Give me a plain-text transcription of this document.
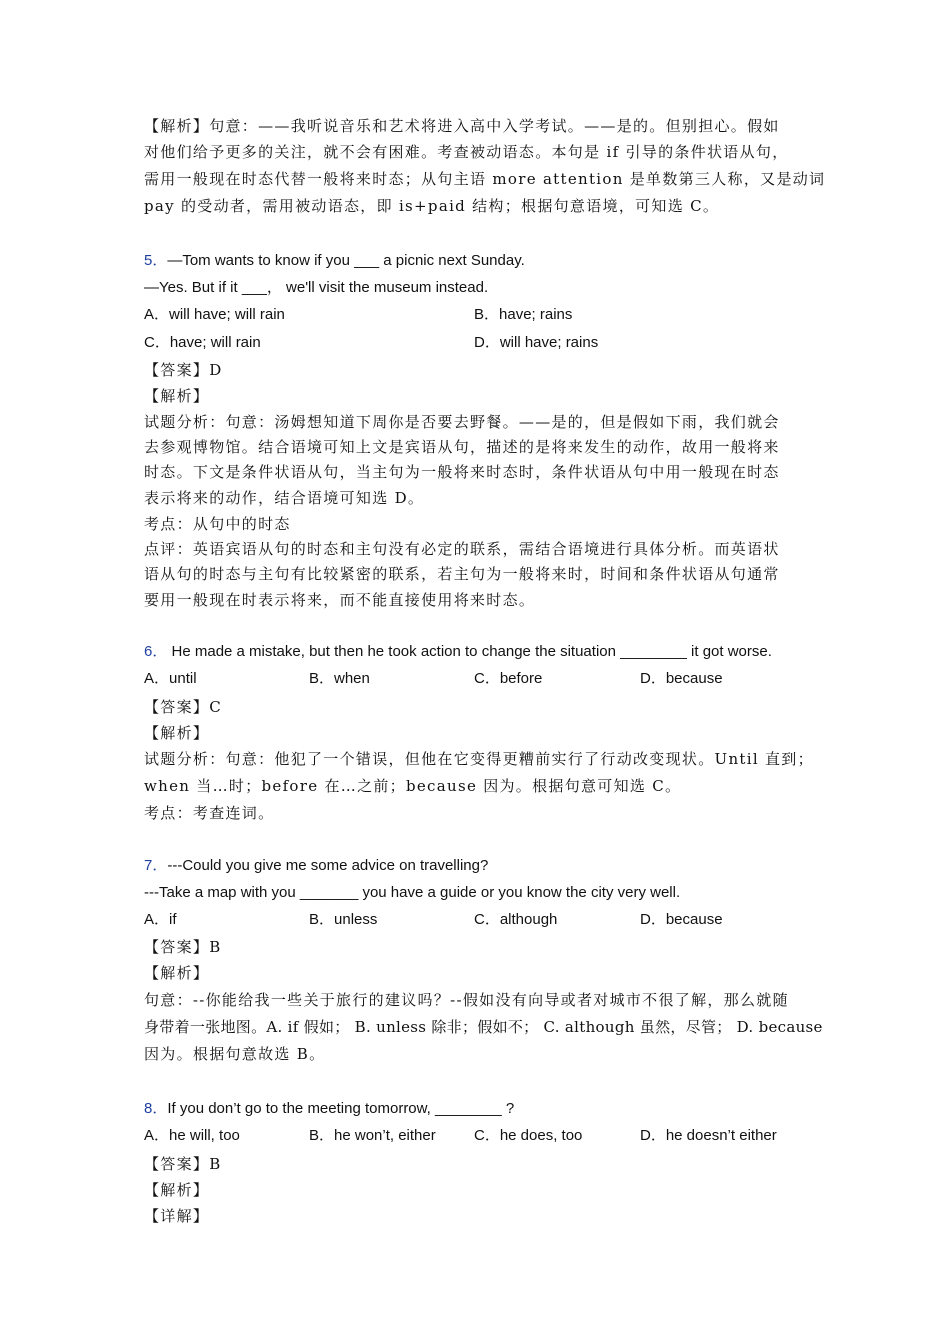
【解析】句意：——我听说音乐和艺术将进入高中入学考试。——是的。但别担心。假如
对他们给予更多的关注，就不会有困难。考查被动语态。本句是 if 引导的条件状语从句，
需用一般现在时态代替一般将来时态；从句主语 more attention 是单数第三人称，又是动词
pay 的受动者，需用被动语态，即 is+paid 结构；根据句意语境，可知选 C。
5．—Tom wants to know if you ___ a picnic next Sunday.
—Yes. But if it ___， we'll visit the museum instead.
A．will have; will rain	B．have; rains
C．have; will rain	D．will have; rains
【答案】D
【解析】
试题分析：句意：汤姆想知道下周你是否要去野餐。——是的，但是假如下雨，我们就会
去参观博物馆。结合语境可知上文是宾语从句，描述的是将来发生的动作，故用一般将来
时态。下文是条件状语从句，当主句为一般将来时态时，条件状语从句中用一般现在时态
表示将来的动作，结合语境可知选 D。
考点：从句中的时态
点评：英语宾语从句的时态和主句没有必定的联系，需结合语境进行具体分析。而英语状
语从句的时态与主句有比较紧密的联系，若主句为一般将来时，时间和条件状语从句通常
要用一般现在时表示将来，而不能直接使用将来时态。
6． He made a mistake, but then he took action to change the situation ________ it got worse.
A．until	B．when	C．before	D．because
【答案】C
【解析】
试题分析：句意：他犯了一个错误，但他在它变得更糟前实行了行动改变现状。Until 直到；
when 当…时；before 在…之前；because 因为。根据句意可知选 C。
考点：考查连词。
7．---Could you give me some advice on travelling?
---Take a map with you _______ you have a guide or you know the city very well.
A．if	B．unless	C．although	D．because
【答案】B
【解析】
句意：--你能给我一些关于旅行的建议吗？--假如没有向导或者对城市不很了解，那么就随
身带着一张地图。A. if 假如； B. unless 除非；假如不； C. although 虽然，尽管； D. because
因为。根据句意故选 B。
8．If you don’t go to the meeting tomorrow, ________ ?
A．he will, too	B．he won’t, either	C．he does, too	D．he doesn’t either
【答案】B
【解析】
【详解】
